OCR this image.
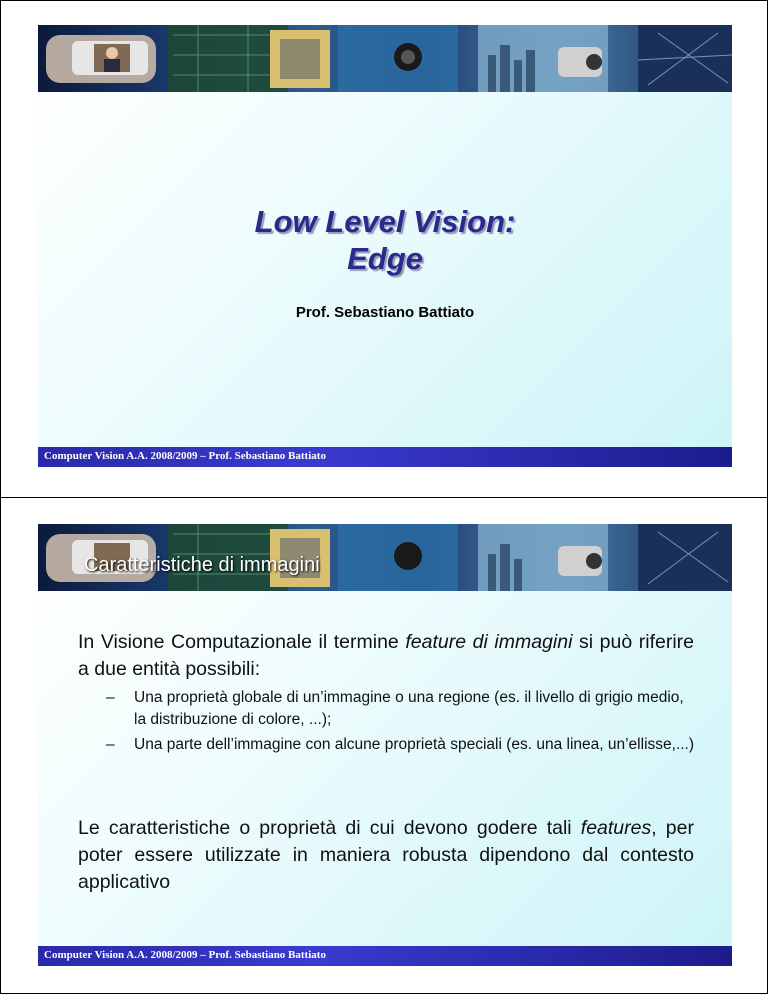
Low Level Vision:
Edge
Prof. Sebastiano Battiato
Computer Vision A.A. 2008/2009 – Prof. Sebastiano Battiato
Caratteristiche di immagini
In Visione Computazionale il termine feature di immagini si può riferire a due entità possibili:
– Una proprietà globale di un’immagine o una regione (es. il livello di grigio medio, la distribuzione di colore, ...);
– Una parte dell’immagine con alcune proprietà speciali (es. una linea, un’ellisse,...)
Le caratteristiche o proprietà di cui devono godere tali features, per poter essere utilizzate in maniera robusta dipendono dal contesto applicativo
Computer Vision A.A. 2008/2009 – Prof. Sebastiano Battiato
